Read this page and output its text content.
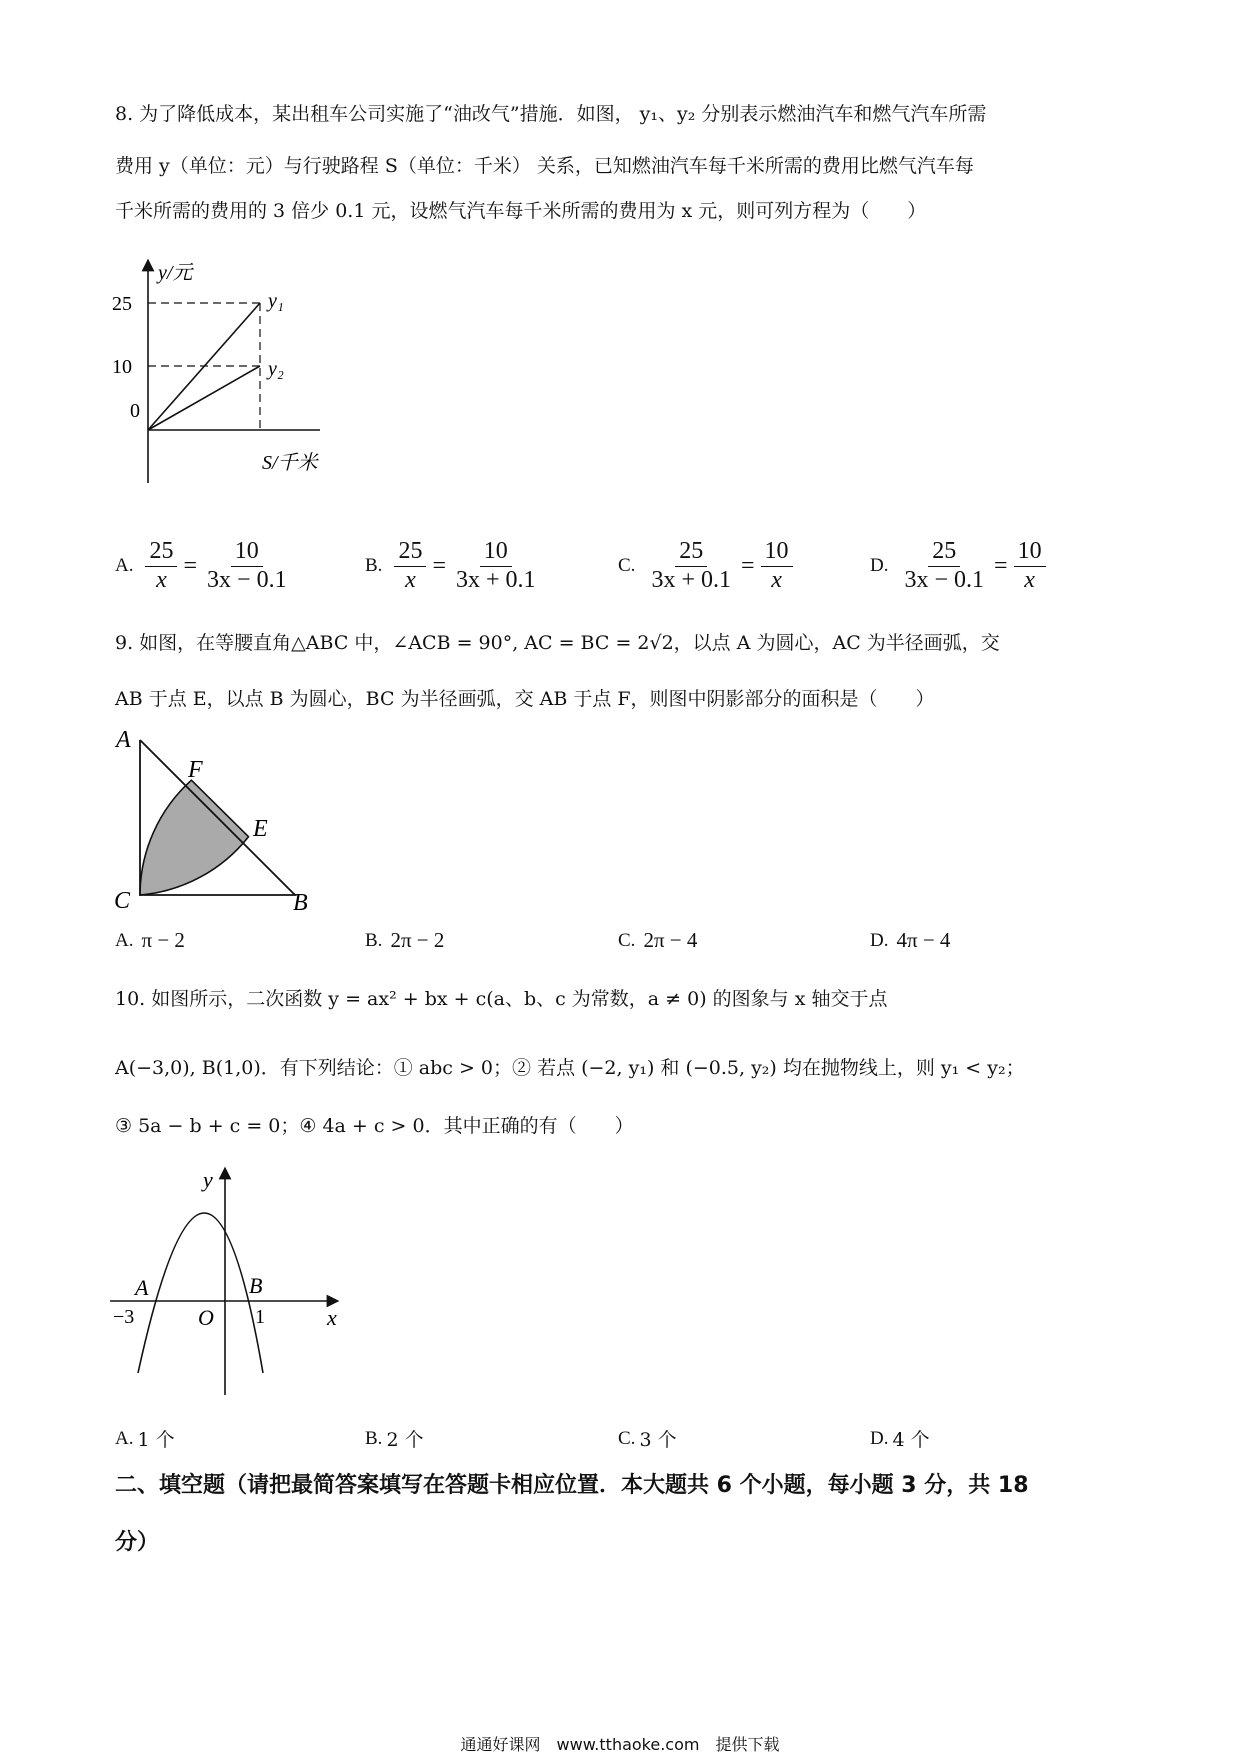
8. 为了降低成本，某出租车公司实施了“油改气”措施．如图， y₁、y₂ 分别表示燃油汽车和燃气汽车所需
费用 y（单位：元）与行驶路程 S（单位：千米） 关系，已知燃油汽车每千米所需的费用比燃气汽车每
千米所需的费用的 3 倍少 0.1 元，设燃气汽车每千米所需的费用为 x 元，则可列方程为（　　）
y/元
25
10
0
y₁
y₂
S/千米
A. $\frac{25}{x} = \frac{10}{3x - 0.1}$	B. $\frac{25}{x} = \frac{10}{3x + 0.1}$	C. $\frac{25}{3x + 0.1} = \frac{10}{x}$	D. $\frac{25}{3x - 0.1} = \frac{10}{x}$
9. 如图，在等腰直角△ABC 中，∠ACB = 90°, AC = BC = 2√2，以点 A 为圆心，AC 为半径画弧，交
AB 于点 E，以点 B 为圆心，BC 为半径画弧，交 AB 于点 F，则图中阴影部分的面积是（　　）
A
F
E
C	B
A. π − 2	B. 2π − 2	C. 2π − 4	D. 4π − 4
10. 如图所示，二次函数 y = ax² + bx + c(a、b、c 为常数，a ≠ 0) 的图象与 x 轴交于点
A(−3,0), B(1,0)．有下列结论：① abc > 0；② 若点 (−2, y₁) 和 (−0.5, y₂) 均在抛物线上，则 y₁ < y₂；
③ 5a − b + c = 0；④ 4a + c > 0．其中正确的有（　　）
y
x
O
A	B
−3	1
A. 1 个	B. 2 个	C. 3 个	D. 4 个
二、填空题（请把最简答案填写在答题卡相应位置．本大题共 6 个小题，每小题 3 分，共 18
分）
通通好课网　www.tthaoke.com　提供下载
